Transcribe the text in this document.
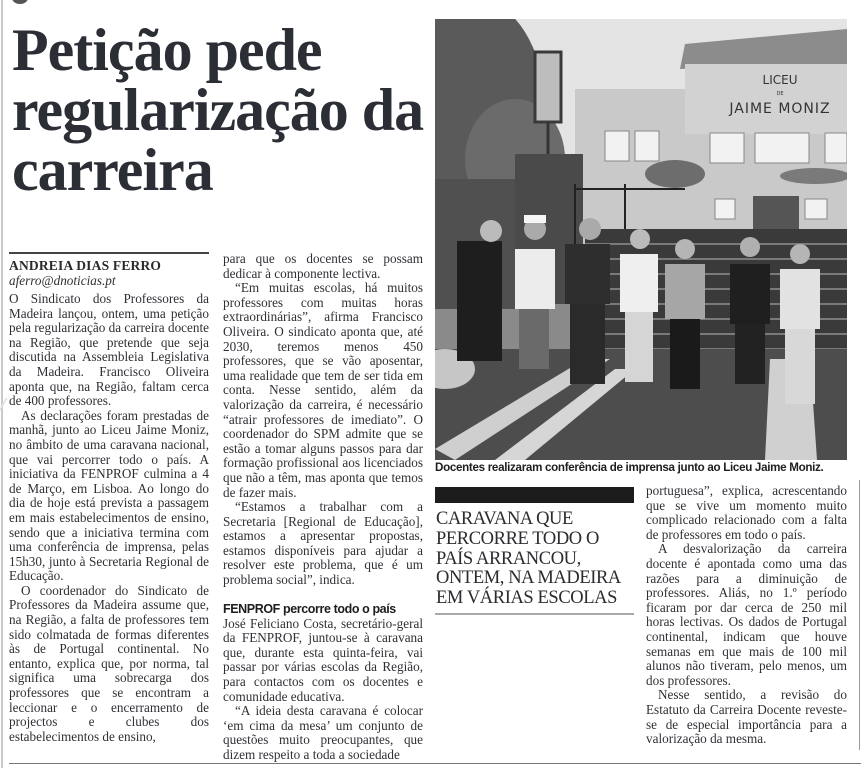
Petição pede regularização da carreira
ANDREIA DIAS FERRO
aferro@dnoticias.pt

O Sindicato dos Professores da Madeira lançou, ontem, uma petição pela regularização da carreira docente na Região, que pretende que seja discutida na Assembleia Legislativa da Madeira. Francisco Oliveira aponta que, na Região, faltam cerca de 400 professores.

As declarações foram prestadas de manhã, junto ao Liceu Jaime Moniz, no âmbito de uma caravana nacional, que vai percorrer todo o país. A iniciativa da FENPROF culmina a 4 de Março, em Lisboa. Ao longo do dia de hoje está prevista a passagem em mais estabelecimentos de ensino, sendo que a iniciativa termina com uma conferência de imprensa, pelas 15h30, junto à Secretaria Regional de Educação.

O coordenador do Sindicato de Professores da Madeira assume que, na Região, a falta de professores tem sido colmatada de formas diferentes às de Portugal continental. No entanto, explica que, por norma, tal significa uma sobrecarga dos professores que se encontram a leccionar e o encerramento de projectos e clubes dos estabelecimentos de ensino,

para que os docentes se possam dedicar à componente lectiva.

“Em muitas escolas, há muitos professores com muitas horas extraordinárias”, afirma Francisco Oliveira. O sindicato aponta que, até 2030, teremos menos 450 professores, que se vão aposentar, uma realidade que tem de ser tida em conta. Nesse sentido, além da valorização da carreira, é necessário “atrair professores de imediato”. O coordenador do SPM admite que se estão a tomar alguns passos para dar formação profissional aos licenciados que não a têm, mas aponta que temos de fazer mais.

“Estamos a trabalhar com a Secretaria [Regional de Educação], estamos a apresentar propostas, estamos disponíveis para ajudar a resolver este problema, que é um problema social”, indica.

FENPROF percorre todo o país

José Feliciano Costa, secretário-geral da FENPROF, juntou-se à caravana que, durante esta quinta-feira, vai passar por várias escolas da Região, para contactos com os docentes e comunidade educativa.

“A ideia desta caravana é colocar ‘em cima da mesa’ um conjunto de questões muito preocupantes, que dizem respeito a toda a sociedade

LICEU
DE
JAIME MONIZ
Docentes realizaram conferência de imprensa junto ao Liceu Jaime Moniz.
CARAVANA QUE PERCORRE TODO O PAÍS ARRANCOU, ONTEM, NA MADEIRA EM VÁRIAS ESCOLAS

portuguesa”, explica, acrescentando que se vive um momento muito complicado relacionado com a falta de professores em todo o país.

A desvalorização da carreira docente é apontada como uma das razões para a diminuição de professores. Aliás, no 1.º período ficaram por dar cerca de 250 mil horas lectivas. Os dados de Portugal continental, indicam que houve semanas em que mais de 100 mil alunos não tiveram, pelo menos, um dos professores.

Nesse sentido, a revisão do Estatuto da Carreira Docente reveste-se de especial importância para a valorização da mesma.
